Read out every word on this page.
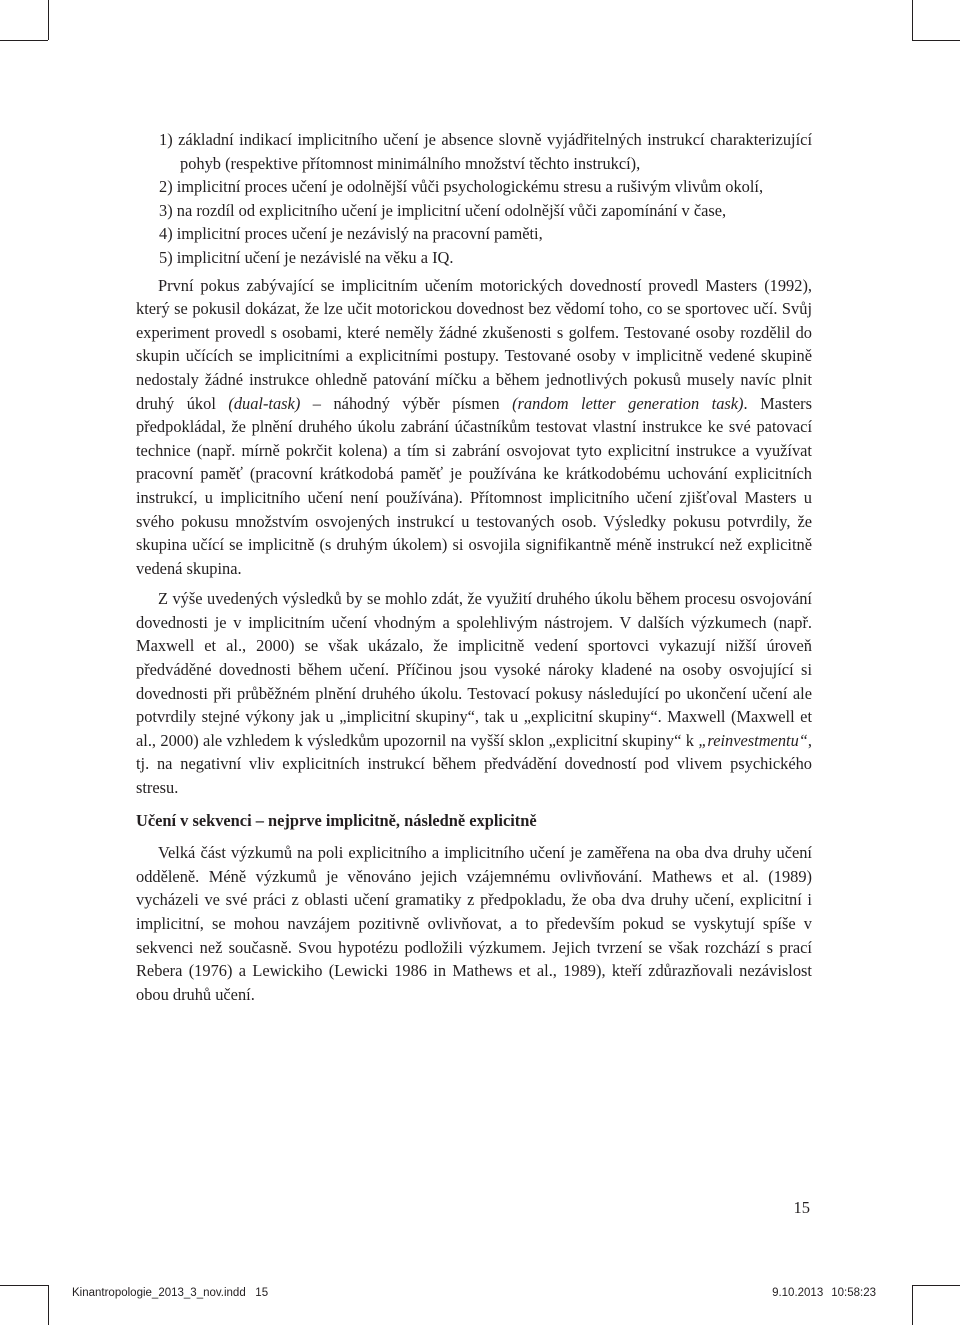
1) základní indikací implicitního učení je absence slovně vyjádřitelných instrukcí charakterizující pohyb (respektive přítomnost minimálního množství těchto instrukcí),

2) implicitní proces učení je odolnější vůči psychologickému stresu a rušivým vlivům okolí,

3) na rozdíl od explicitního učení je implicitní učení odolnější vůči zapomínání v čase,

4) implicitní proces učení je nezávislý na pracovní paměti,

5) implicitní učení je nezávislé na věku a IQ.

První pokus zabývající se implicitním učením motorických dovedností provedl Masters (1992), který se pokusil dokázat, že lze učit motorickou dovednost bez vědomí toho, co se sportovec učí. Svůj experiment provedl s osobami, které neměly žádné zkušenosti s golfem. Testované osoby rozdělil do skupin učících se implicitními a explicitními postupy. Testované osoby v implicitně vedené skupině nedostaly žádné instrukce ohledně patování míčku a během jednotlivých pokusů musely navíc plnit druhý úkol (dual-task) – náhodný výběr písmen (random letter generation task). Masters předpokládal, že plnění druhého úkolu zabrání účastníkům testovat vlastní instrukce ke své patovací technice (např. mírně pokrčit kolena) a tím si zabrání osvojovat tyto explicitní instrukce a využívat pracovní paměť (pracovní krátkodobá paměť je používána ke krátkodobému uchování explicitních instrukcí, u implicitního učení není používána). Přítomnost implicitního učení zjišťoval Masters u svého pokusu množstvím osvojených instrukcí u testovaných osob. Výsledky pokusu potvrdily, že skupina učící se implicitně (s druhým úkolem) si osvojila signifikantně méně instrukcí než explicitně vedená skupina.

Z výše uvedených výsledků by se mohlo zdát, že využití druhého úkolu během procesu osvojování dovednosti je v implicitním učení vhodným a spolehlivým nástrojem. V dalších výzkumech (např. Maxwell et al., 2000) se však ukázalo, že implicitně vedení sportovci vykazují nižší úroveň předváděné dovednosti během učení. Příčinou jsou vysoké nároky kladené na osoby osvojující si dovednosti při průběžném plnění druhého úkolu. Testovací pokusy následující po ukončení učení ale potvrdily stejné výkony jak u „implicitní skupiny“, tak u „explicitní skupiny“. Maxwell (Maxwell et al., 2000) ale vzhledem k výsledkům upozornil na vyšší sklon „explicitní skupiny“ k „reinvestmentu“, tj. na negativní vliv explicitních instrukcí během předvádění dovedností pod vlivem psychického stresu.

Učení v sekvenci – nejprve implicitně, následně explicitně

Velká část výzkumů na poli explicitního a implicitního učení je zaměřena na oba dva druhy učení odděleně. Méně výzkumů je věnováno jejich vzájemnému ovlivňování. Mathews et al. (1989) vycházeli ve své práci z oblasti učení gramatiky z předpokladu, že oba dva druhy učení, explicitní i implicitní, se mohou navzájem pozitivně ovlivňovat, a to především pokud se vyskytují spíše v sekvenci než současně. Svou hypotézu podložili výzkumem. Jejich tvrzení se však rozchází s prací Rebera (1976) a Lewickiho (Lewicki 1986 in Mathews et al., 1989), kteří zdůrazňovali nezávislost obou druhů učení.

15
Kinantropologie_2013_3_nov.indd   15	9.10.2013 10:58:23
